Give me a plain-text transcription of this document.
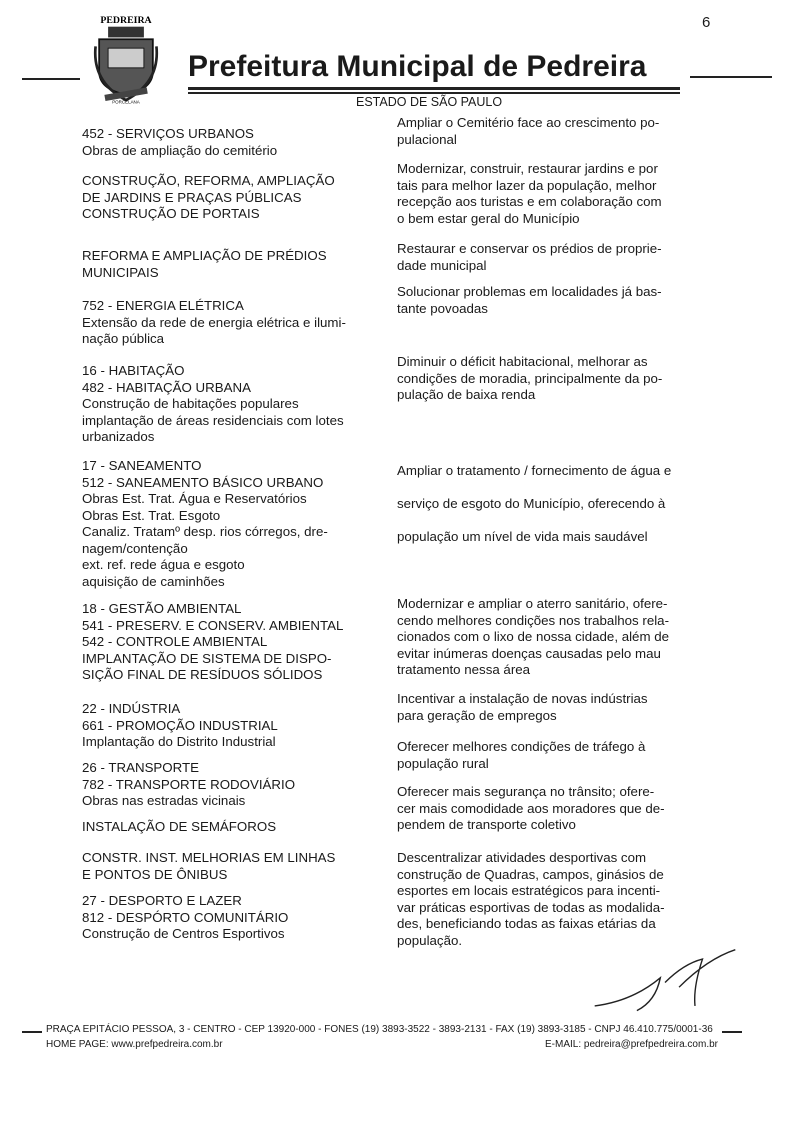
6
PEDREIRA
PORCELANA
Prefeitura Municipal de Pedreira
ESTADO DE SÃO PAULO
452 - SERVIÇOS URBANOS
Obras de ampliação do cemitério
CONSTRUÇÃO, REFORMA, AMPLIAÇÃO
DE JARDINS E PRAÇAS PÚBLICAS
CONSTRUÇÃO DE PORTAIS
REFORMA E AMPLIAÇÃO DE PRÉDIOS
MUNICIPAIS
752 - ENERGIA ELÉTRICA
Extensão da rede de energia elétrica e ilumi-
nação pública
16 - HABITAÇÃO
482 - HABITAÇÃO URBANA
Construção de habitações populares
implantação de áreas residenciais com lotes
urbanizados
17 - SANEAMENTO
512 - SANEAMENTO BÁSICO URBANO
Obras Est. Trat. Água e Reservatórios
Obras Est. Trat. Esgoto
Canaliz. Tratamº desp. rios córregos, dre-
nagem/contenção
ext. ref. rede água e esgoto
aquisição de caminhões
18 - GESTÃO AMBIENTAL
541 - PRESERV. E CONSERV. AMBIENTAL
542 - CONTROLE AMBIENTAL
IMPLANTAÇÃO DE SISTEMA DE DISPO-
SIÇÃO FINAL DE RESÍDUOS SÓLIDOS
22 - INDÚSTRIA
661 - PROMOÇÃO INDUSTRIAL
Implantação do Distrito Industrial
26 - TRANSPORTE
782 - TRANSPORTE RODOVIÁRIO
Obras nas estradas vicinais
INSTALAÇÃO DE SEMÁFOROS
CONSTR. INST. MELHORIAS EM LINHAS
E PONTOS DE ÔNIBUS
27 - DESPORTO E LAZER
812 - DESPÓRTO COMUNITÁRIO
Construção de Centros Esportivos
Ampliar o Cemitério face ao crescimento po-
pulacional
Modernizar, construir, restaurar jardins e por
tais para melhor lazer da população, melhor
recepção aos turistas e em colaboração com
o bem estar geral do Município
Restaurar e conservar os prédios de proprie-
dade municipal
Solucionar problemas em localidades já bas-
tante povoadas
Diminuir o déficit habitacional, melhorar as
condições de moradia, principalmente da po-
pulação de baixa renda
Ampliar o tratamento / fornecimento de água e
serviço de esgoto do Município, oferecendo à
população um nível de vida mais saudável
Modernizar e ampliar o aterro sanitário, ofere-
cendo melhores condições nos trabalhos rela-
cionados com o lixo de nossa cidade, além de
evitar inúmeras doenças causadas pelo mau
tratamento nessa área
Incentivar a instalação de novas indústrias
para geração de empregos
Oferecer melhores condições de tráfego à
população rural
Oferecer mais segurança no trânsito; ofere-
cer mais comodidade aos moradores que de-
pendem de transporte coletivo
Descentralizar atividades desportivas com
construção de Quadras, campos, ginásios de
esportes em locais estratégicos para incenti-
var práticas esportivas de todas as modalida-
des, beneficiando todas as faixas etárias da
população.
PRAÇA EPITÁCIO PESSOA, 3 - CENTRO - CEP 13920-000 - FONES (19) 3893-3522 - 3893-2131 - FAX (19) 3893-3185 - CNPJ 46.410.775/0001-36
HOME PAGE: www.prefpedreira.com.br	E-MAIL: pedreira@prefpedreira.com.br
